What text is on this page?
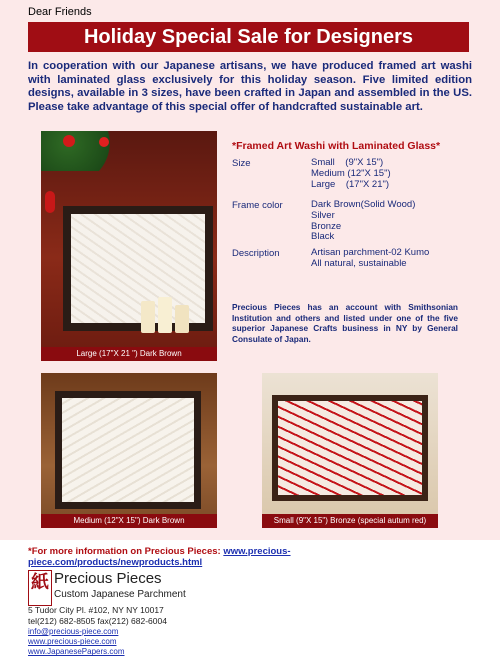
Dear Friends
Holiday Special Sale for Designers
In cooperation with our Japanese artisans, we have produced framed art washi with laminated glass exclusively for this holiday season. Five limited edition designs, available in 3 sizes, have been crafted in Japan and assembled in the US. Please take advantage of this special offer of handcrafted sustainable art.
Large (17"X 21 ") Dark Brown
*Framed Art Washi with Laminated Glass*
Size	Small    (9"X 15")
Medium (12"X 15")
Large    (17"X 21")
Frame color	Dark Brown(Solid Wood)
Silver
Bronze
Black
Description	Artisan parchment-02 Kumo
All natural, sustainable
Precious Pieces has an account with Smithsonian Institution and others and listed under one of the five superior Japanese Crafts business in NY by General Consulate of Japan.
Medium (12"X 15") Dark Brown	Small (9"X 15") Bronze (special autum red)
*For more information on Precious Pieces: www.precious-piece.com/products/newproducts.html
紙 Precious Pieces
Custom Japanese Parchment
5 Tudor City Pl. #102, NY NY 10017
tel(212) 682-8505 fax(212) 682-6004
info@precious-piece.com
www.precious-piece.com
www.JapanesePapers.com
